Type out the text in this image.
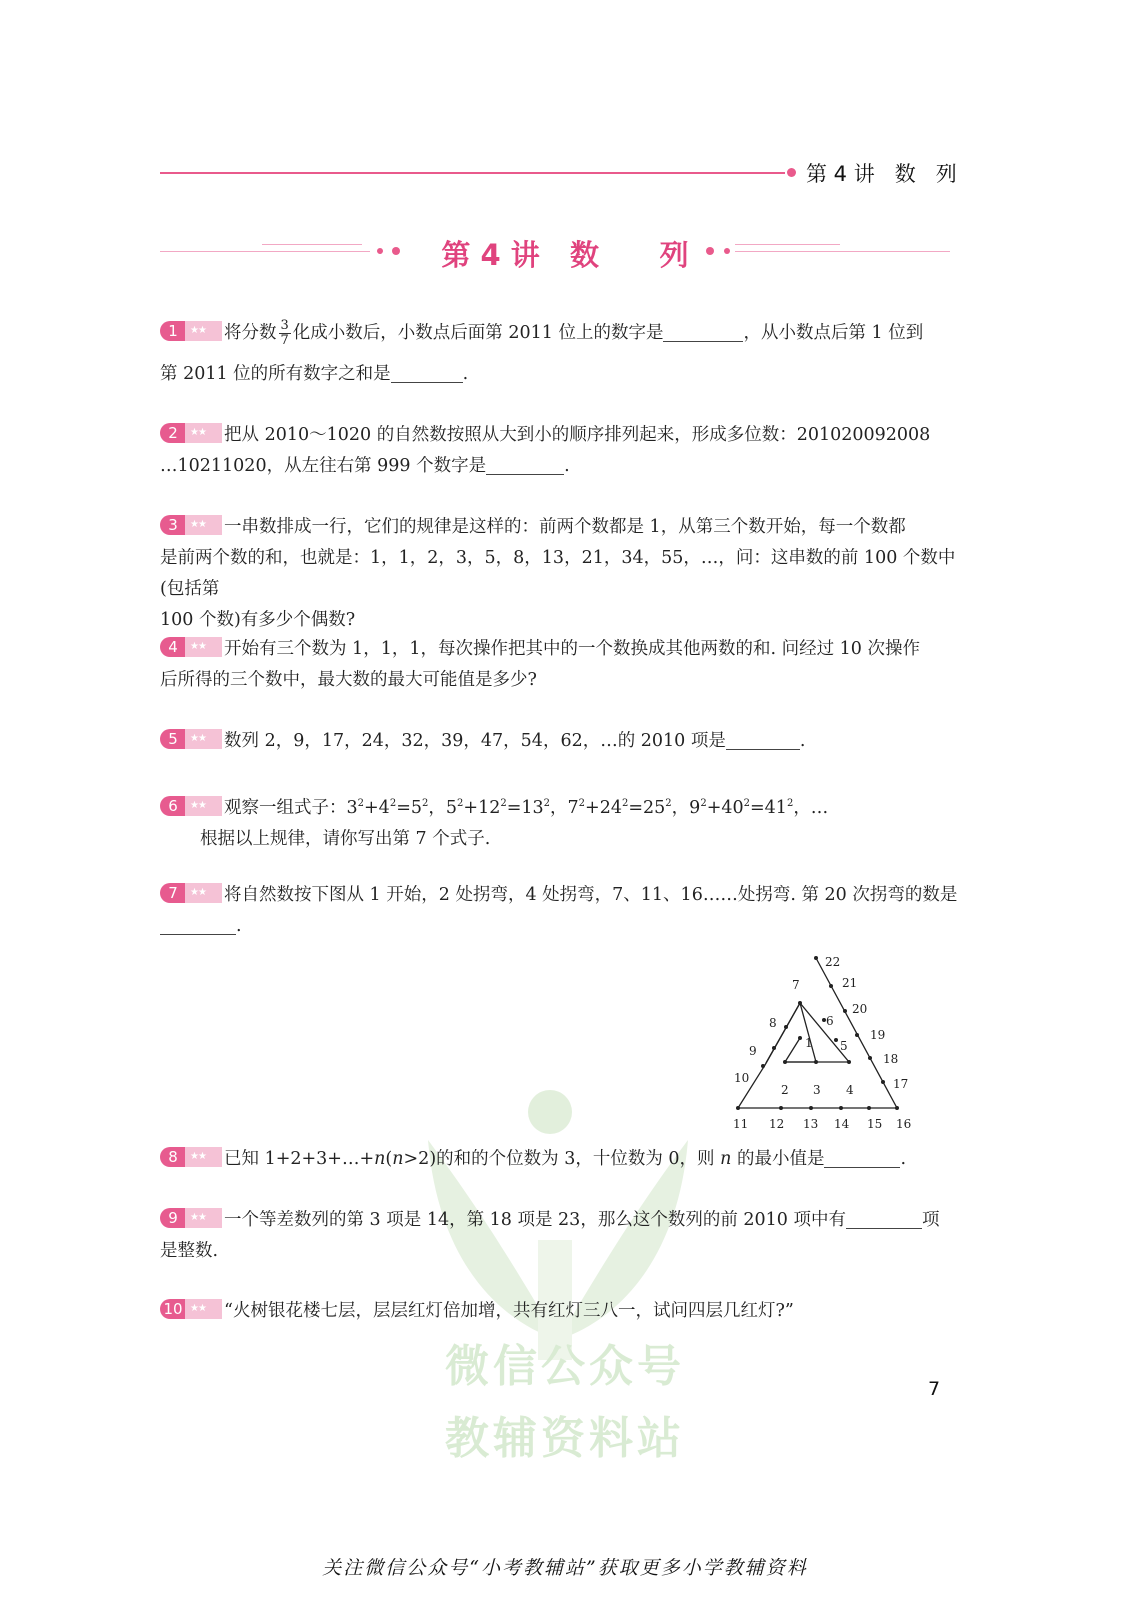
第 4 讲   数   列
第 4 讲   数      列
1	★★ 将分数 $\frac{3}{7}$ 化成小数后，小数点后面第 2011 位上的数字是	，从小数点后第 1 位到
第 2011 位的所有数字之和是	.
2	★★ 把从 2010～1020 的自然数按照从大到小的顺序排列起来，形成多位数：201020092008
…10211020，从左往右第 999 个数字是	.
3	★★ 一串数排成一行，它们的规律是这样的：前两个数都是 1，从第三个数开始，每一个数都
是前两个数的和，也就是：1，1，2，3，5，8，13，21，34，55，…，问：这串数的前 100 个数中(包括第
100 个数)有多少个偶数?
4	★★ 开始有三个数为 1，1，1，每次操作把其中的一个数换成其他两数的和. 问经过 10 次操作
后所得的三个数中，最大数的最大可能值是多少?
5	★★ 数列 2，9，17，24，32，39，47，54，62，…的 2010 项是	.
6	★★ 观察一组式子：$3^2+4^2=5^2$，$5^2+12^2=13^2$，$7^2+24^2=25^2$，$9^2+40^2=41^2$，…
根据以上规律，请你写出第 7 个式子.
7	★★ 将自然数按下图从 1 开始，2 处拐弯，4 处拐弯，7、11、16……处拐弯. 第 20 次拐弯的数是
.
1
2 3 4
5
6
7
8
9
10
11 12 13 14 15 16
17
18
19
20
21
22
微信公众号
教辅资料站
8	★★ 已知 1+2+3+…+n(n>2)的和的个位数为 3，十位数为 0，则 n 的最小值是	.
9	★★ 一个等差数列的第 3 项是 14，第 18 项是 23，那么这个数列的前 2010 项中有	项
是整数.
10 ★★ “火树银花楼七层，层层红灯倍加增，共有红灯三八一，试问四层几红灯?”
7
关注微信公众号“小考教辅站”获取更多小学教辅资料
